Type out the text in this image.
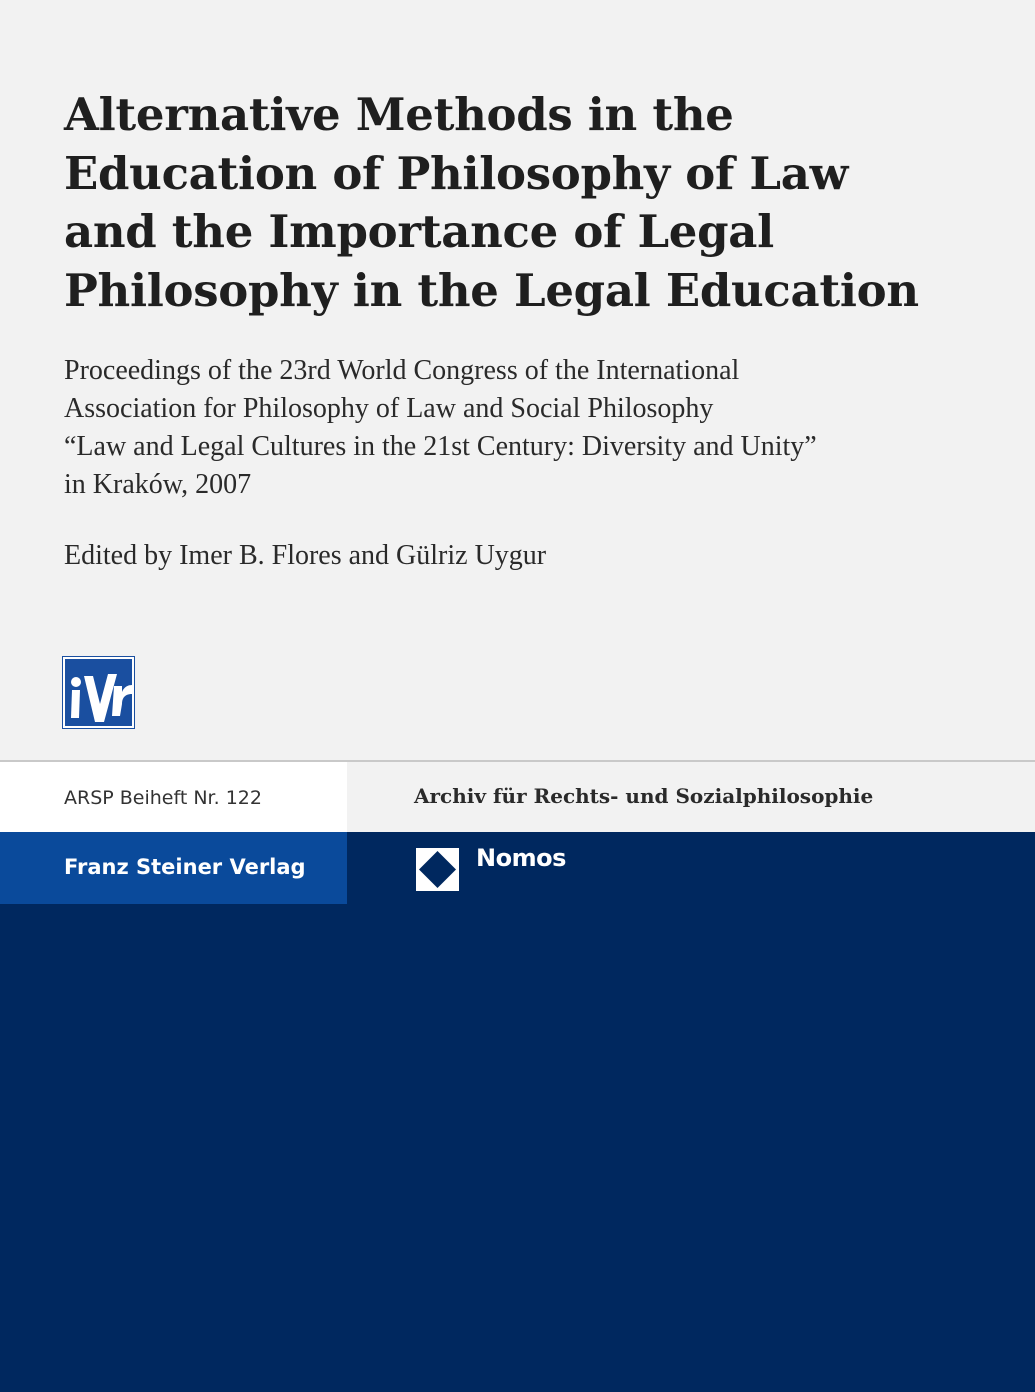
Alternative Methods in the
Education of Philosophy of Law
and the Importance of Legal
Philosophy in the Legal Education
Proceedings of the 23rd World Congress of the International
Association for Philosophy of Law and Social Philosophy
“Law and Legal Cultures in the 21st Century: Diversity and Unity”
in Kraków, 2007
Edited by Imer B. Flores and Gülriz Uygur
ARSP Beiheft Nr. 122	Archiv für Rechts- und Sozialphilosophie
Franz Steiner Verlag	Nomos
